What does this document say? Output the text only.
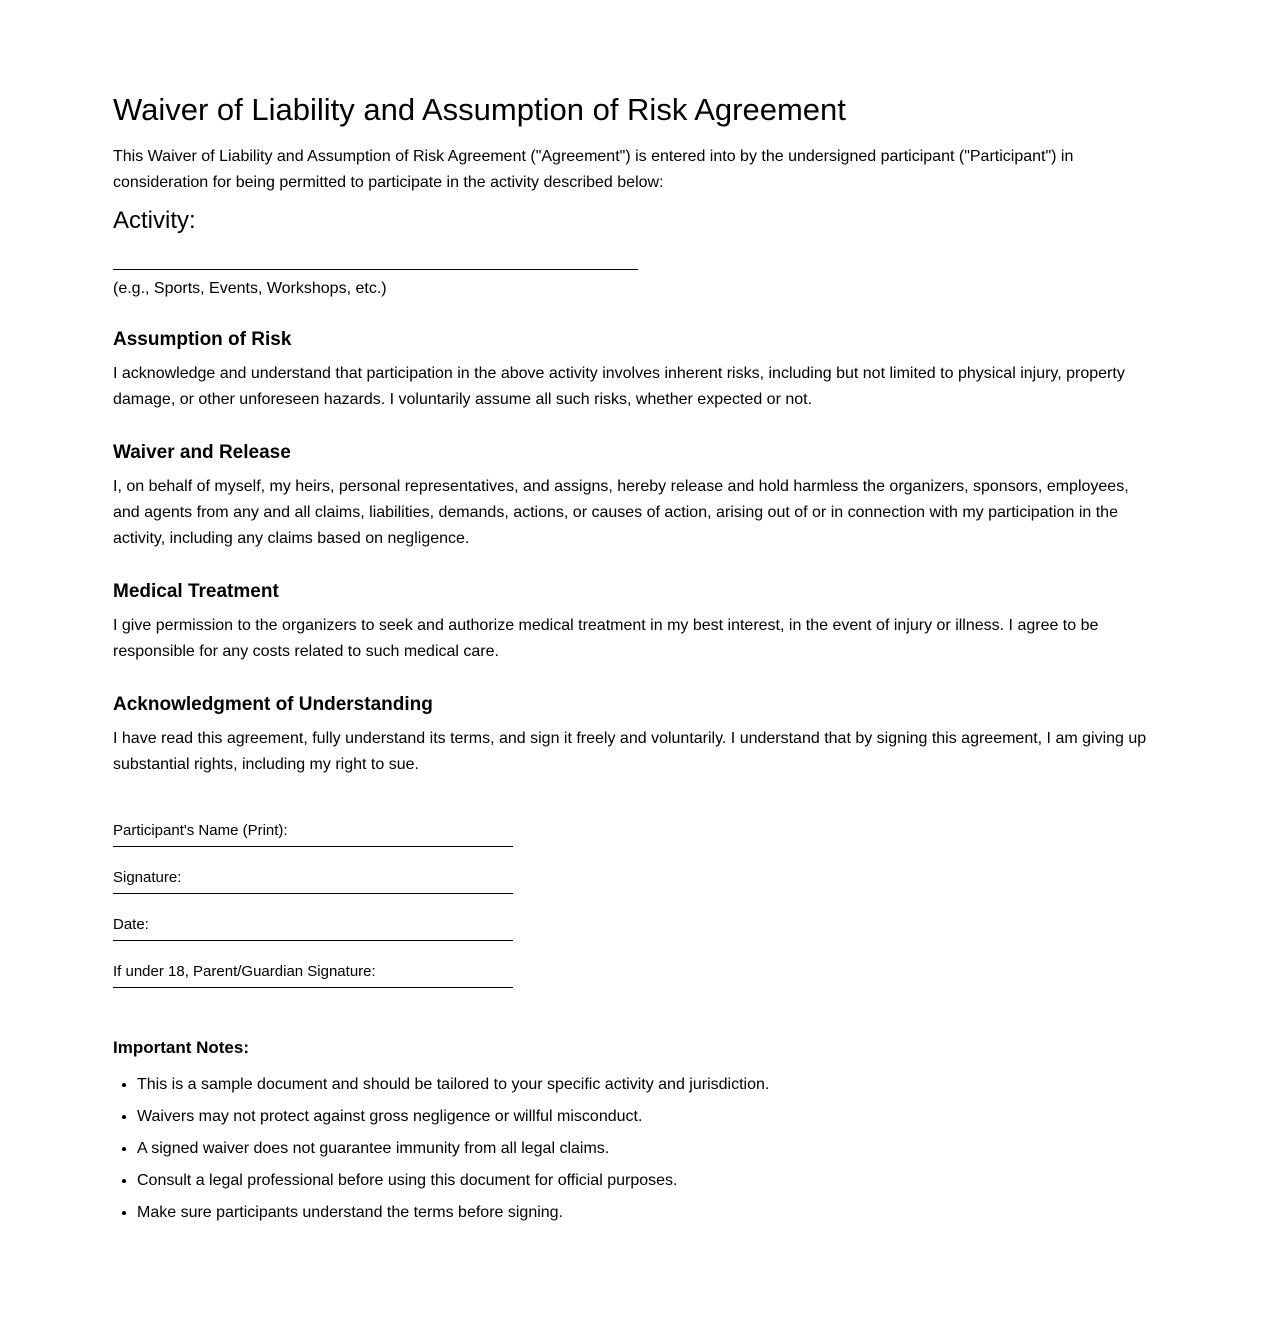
Waiver of Liability and Assumption of Risk Agreement

This Waiver of Liability and Assumption of Risk Agreement ("Agreement") is entered into by the undersigned participant ("Participant") in consideration for being permitted to participate in the activity described below:

Activity:

(e.g., Sports, Events, Workshops, etc.)

Assumption of Risk

I acknowledge and understand that participation in the above activity involves inherent risks, including but not limited to physical injury, property damage, or other unforeseen hazards. I voluntarily assume all such risks, whether expected or not.

Waiver and Release

I, on behalf of myself, my heirs, personal representatives, and assigns, hereby release and hold harmless the organizers, sponsors, employees, and agents from any and all claims, liabilities, demands, actions, or causes of action, arising out of or in connection with my participation in the activity, including any claims based on negligence.

Medical Treatment

I give permission to the organizers to seek and authorize medical treatment in my best interest, in the event of injury or illness. I agree to be responsible for any costs related to such medical care.

Acknowledgment of Understanding

I have read this agreement, fully understand its terms, and sign it freely and voluntarily. I understand that by signing this agreement, I am giving up substantial rights, including my right to sue.

Participant's Name (Print):
Signature:
Date:
If under 18, Parent/Guardian Signature:
Important Notes:
• This is a sample document and should be tailored to your specific activity and jurisdiction.
• Waivers may not protect against gross negligence or willful misconduct.
• A signed waiver does not guarantee immunity from all legal claims.
• Consult a legal professional before using this document for official purposes.
• Make sure participants understand the terms before signing.
